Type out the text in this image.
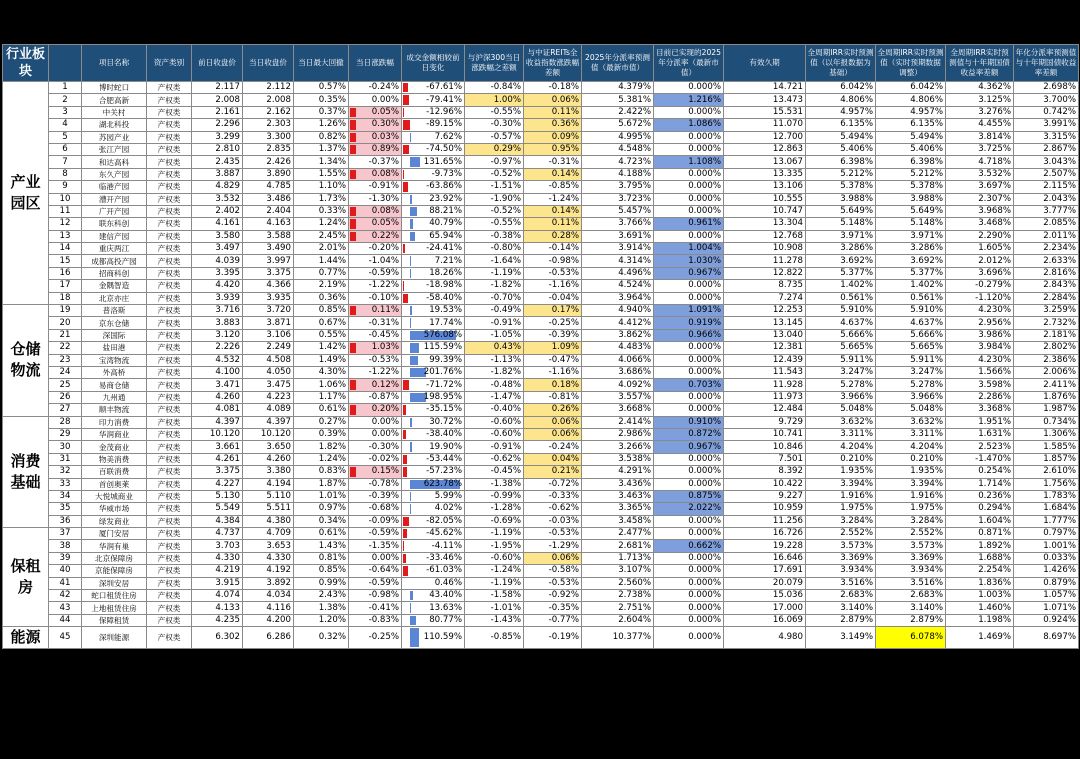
行业板块		项目名称	资产类别	前日收盘价	当日收盘价	当日最大回撤	当日涨跌幅	成交金额相较前日变化	与沪深300当日涨跌幅之差额	与中证REITs全收益指数涨跌幅差额	2025年分派率预测值（最新市值）	目前已实现的2025年分派率（最新市值）	有效久期	全周期IRR实时预测值（以年报数据为基础）	全周期IRR实时预测值（实时预期数据调整）	全周期IRR实时预测值与十年期国债收益率差额	年化分派率预测值与十年期国债收益率差额
产业园区	1	博时蛇口	产权类	2.117	2.112	0.57%	-0.24%	-67.61%	-0.84%	-0.18%	4.379%	0.000%	14.721	6.042%	6.042%	4.362%	2.698%
	2	合肥高新	产权类	2.008	2.008	0.35%	0.00%	-79.41%	1.00%	0.06%	5.381%	1.216%	13.473	4.806%	4.806%	3.125%	3.700%
	3	中关村	产权类	2.161	2.162	0.37%	0.05%	-12.96%	-0.55%	0.11%	2.422%	0.000%	15.531	4.957%	4.957%	3.276%	0.742%
	4	湖北科投	产权类	2.296	2.303	1.26%	0.30%	-89.15%	-0.30%	0.36%	5.672%	1.086%	11.070	6.135%	6.135%	4.455%	3.991%
	5	苏园产业	产权类	3.299	3.300	0.82%	0.03%	7.62%	-0.57%	0.09%	4.995%	0.000%	12.700	5.494%	5.494%	3.814%	3.315%
	6	张江产园	产权类	2.810	2.835	1.37%	0.89%	-74.50%	0.29%	0.95%	4.548%	0.000%	12.863	5.406%	5.406%	3.725%	2.867%
	7	和达高科	产权类	2.435	2.426	1.34%	-0.37%	131.65%	-0.97%	-0.31%	4.723%	1.108%	13.067	6.398%	6.398%	4.718%	3.043%
	8	东久产园	产权类	3.887	3.890	1.55%	0.08%	-9.73%	-0.52%	0.14%	4.188%	0.000%	13.335	5.212%	5.212%	3.532%	2.507%
	9	临港产园	产权类	4.829	4.785	1.10%	-0.91%	-63.86%	-1.51%	-0.85%	3.795%	0.000%	13.106	5.378%	5.378%	3.697%	2.115%
	10	漕开产园	产权类	3.532	3.486	1.73%	-1.30%	23.92%	-1.90%	-1.24%	3.723%	0.000%	10.555	3.988%	3.988%	2.307%	2.043%
	11	广开产园	产权类	2.402	2.404	0.33%	0.08%	88.21%	-0.52%	0.14%	5.457%	0.000%	10.747	5.649%	5.649%	3.968%	3.777%
	12	联东科创	产权类	4.161	4.163	1.24%	0.05%	40.79%	-0.55%	0.11%	3.766%	0.961%	13.304	5.148%	5.148%	3.468%	2.085%
	13	建信产园	产权类	3.580	3.588	2.45%	0.22%	65.94%	-0.38%	0.28%	3.691%	0.000%	12.768	3.971%	3.971%	2.290%	2.011%
	14	重庆两江	产权类	3.497	3.490	2.01%	-0.20%	-24.41%	-0.80%	-0.14%	3.914%	1.004%	10.908	3.286%	3.286%	1.605%	2.234%
	15	成都高投产园	产权类	4.039	3.997	1.44%	-1.04%	7.21%	-1.64%	-0.98%	4.314%	1.030%	11.278	3.692%	3.692%	2.012%	2.633%
	16	招商科创	产权类	3.395	3.375	0.77%	-0.59%	18.26%	-1.19%	-0.53%	4.496%	0.967%	12.822	5.377%	5.377%	3.696%	2.816%
	17	金隅智造	产权类	4.420	4.366	2.19%	-1.22%	-18.98%	-1.82%	-1.16%	4.524%	0.000%	8.735	1.402%	1.402%	-0.279%	2.843%
	18	北京亦庄	产权类	3.939	3.935	0.36%	-0.10%	-58.40%	-0.70%	-0.04%	3.964%	0.000%	7.274	0.561%	0.561%	-1.120%	2.284%
仓储物流	19	普洛斯	产权类	3.716	3.720	0.85%	0.11%	19.53%	-0.49%	0.17%	4.940%	1.091%	12.253	5.910%	5.910%	4.230%	3.259%
	20	京东仓储	产权类	3.883	3.871	0.67%	-0.31%	17.74%	-0.91%	-0.25%	4.412%	0.919%	13.145	4.637%	4.637%	2.956%	2.732%
	21	深国际	产权类	3.120	3.106	0.55%	-0.45%	576.08%	-1.05%	-0.39%	3.862%	0.966%	13.040	5.666%	5.666%	3.986%	2.181%
	22	盐田港	产权类	2.226	2.249	1.42%	1.03%	115.59%	0.43%	1.09%	4.483%	0.000%	12.381	5.665%	5.665%	3.984%	2.802%
	23	宝湾物流	产权类	4.532	4.508	1.49%	-0.53%	99.39%	-1.13%	-0.47%	4.066%	0.000%	12.439	5.911%	5.911%	4.230%	2.386%
	24	外高桥	产权类	4.100	4.050	4.30%	-1.22%	201.76%	-1.82%	-1.16%	3.686%	0.000%	11.543	3.247%	3.247%	1.566%	2.006%
	25	易商仓储	产权类	3.471	3.475	1.06%	0.12%	-71.72%	-0.48%	0.18%	4.092%	0.703%	11.928	5.278%	5.278%	3.598%	2.411%
	26	九州通	产权类	4.260	4.223	1.17%	-0.87%	198.95%	-1.47%	-0.81%	3.557%	0.000%	11.973	3.966%	3.966%	2.286%	1.876%
	27	顺丰物流	产权类	4.081	4.089	0.61%	0.20%	-35.15%	-0.40%	0.26%	3.668%	0.000%	12.484	5.048%	5.048%	3.368%	1.987%
消费基础	28	印力消费	产权类	4.397	4.397	0.27%	0.00%	30.72%	-0.60%	0.06%	2.414%	0.910%	9.729	3.632%	3.632%	1.951%	0.734%
	29	华润商业	产权类	10.120	10.120	0.39%	0.00%	-38.40%	-0.60%	0.06%	2.986%	0.872%	10.741	3.311%	3.311%	1.631%	1.306%
	30	金茂商业	产权类	3.661	3.650	1.82%	-0.30%	19.90%	-0.91%	-0.24%	3.266%	0.967%	10.846	4.204%	4.204%	2.523%	1.585%
	31	物美消费	产权类	4.261	4.260	1.24%	-0.02%	-53.44%	-0.62%	0.04%	3.538%	0.000%	7.501	0.210%	0.210%	-1.470%	1.857%
	32	百联消费	产权类	3.375	3.380	0.83%	0.15%	-57.23%	-0.45%	0.21%	4.291%	0.000%	8.392	1.935%	1.935%	0.254%	2.610%
	33	首创奥莱	产权类	4.227	4.194	1.87%	-0.78%	623.78%	-1.38%	-0.72%	3.436%	0.000%	10.422	3.394%	3.394%	1.714%	1.756%
	34	大悦城商业	产权类	5.130	5.110	1.01%	-0.39%	5.99%	-0.99%	-0.33%	3.463%	0.875%	9.227	1.916%	1.916%	0.236%	1.783%
	35	华威市场	产权类	5.549	5.511	0.97%	-0.68%	4.02%	-1.28%	-0.62%	3.365%	2.022%	10.959	1.975%	1.975%	0.294%	1.684%
	36	绿发商业	产权类	4.384	4.380	0.34%	-0.09%	-82.05%	-0.69%	-0.03%	3.458%	0.000%	11.256	3.284%	3.284%	1.604%	1.777%
保租房	37	厦门安居	产权类	4.737	4.709	0.61%	-0.59%	-45.62%	-1.19%	-0.53%	2.477%	0.000%	16.726	2.552%	2.552%	0.871%	0.797%
	38	华润有巢	产权类	3.703	3.653	1.43%	-1.35%	-4.11%	-1.95%	-1.29%	2.681%	0.662%	19.228	3.573%	3.573%	1.892%	1.001%
	39	北京保障房	产权类	4.330	4.330	0.81%	0.00%	-33.46%	-0.60%	0.06%	1.713%	0.000%	16.646	3.369%	3.369%	1.688%	0.033%
	40	京能保障房	产权类	4.219	4.192	0.85%	-0.64%	-61.03%	-1.24%	-0.58%	3.107%	0.000%	17.691	3.934%	3.934%	2.254%	1.426%
	41	深圳安居	产权类	3.915	3.892	0.99%	-0.59%	0.46%	-1.19%	-0.53%	2.560%	0.000%	20.079	3.516%	3.516%	1.836%	0.879%
	42	蛇口租赁住房	产权类	4.074	4.034	2.43%	-0.98%	43.40%	-1.58%	-0.92%	2.738%	0.000%	15.036	2.683%	2.683%	1.003%	1.057%
	43	上地租赁住房	产权类	4.133	4.116	1.38%	-0.41%	13.63%	-1.01%	-0.35%	2.751%	0.000%	17.000	3.140%	3.140%	1.460%	1.071%
	44	保障租赁	产权类	4.235	4.200	1.20%	-0.83%	80.77%	-1.43%	-0.77%	2.604%	0.000%	16.069	2.879%	2.879%	1.198%	0.924%
能源	45	深圳能源	产权类	6.302	6.286	0.32%	-0.25%	110.59%	-0.85%	-0.19%	10.377%	0.000%	4.980	3.149%	6.078%	1.469%	8.697%
